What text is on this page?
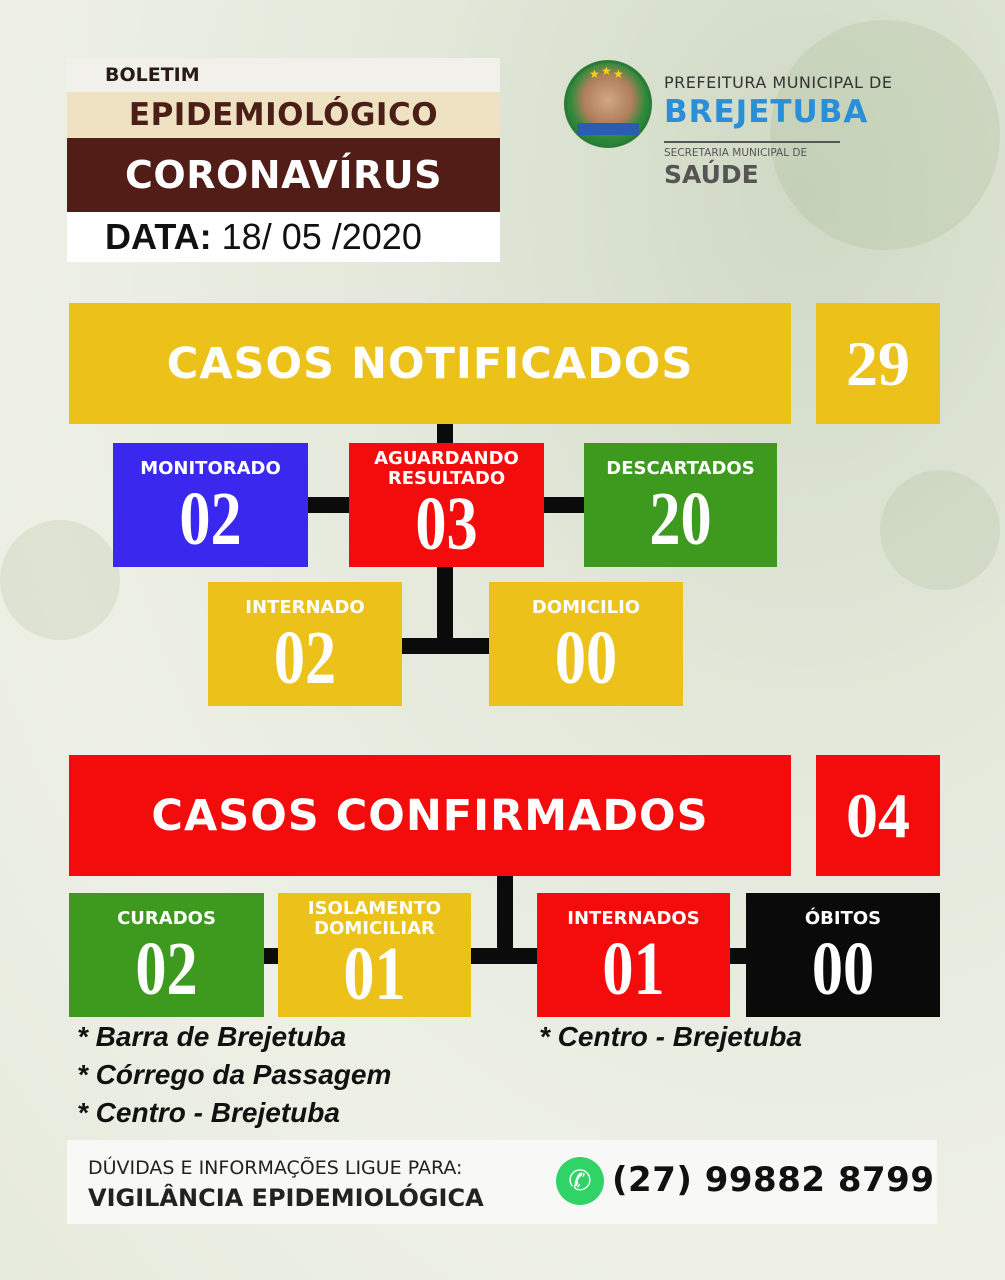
BOLETIM
EPIDEMIOLÓGICO
CORONAVÍRUS
DATA: 18/ 05 /2020
★ ★ ★	PREFEITURA MUNICIPAL DE
BREJETUBA
SECRETARIA MUNICIPAL DE
SAÚDE
CASOS NOTIFICADOS	29
MONITORADO
02
AGUARDANDO RESULTADO
03
DESCARTADOS
20
INTERNADO
02
DOMICILIO
00
CASOS CONFIRMADOS	04
CURADOS
02
ISOLAMENTO DOMICILIAR
01
INTERNADOS
01
ÓBITOS
00
* Barra de Brejetuba
* Córrego da Passagem
* Centro - Brejetuba
* Centro - Brejetuba
DÚVIDAS E INFORMAÇÕES LIGUE PARA:
VIGILÂNCIA EPIDEMIOLÓGICA
✆ (27) 99882 8799
